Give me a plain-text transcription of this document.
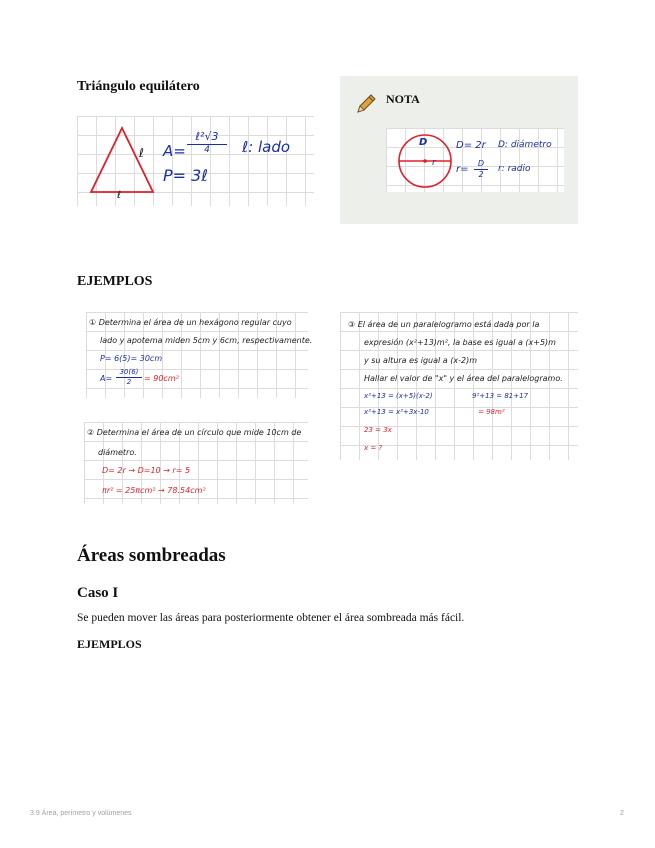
Triángulo equilátero
ℓ
ℓ
A=
ℓ²√3
4	ℓ: lado
P= 3ℓ
NOTA
D
r
D= 2r D: diámetro
$r= \frac{D}{2} r$: radio
EJEMPLOS
① Determina el área de un hexágono regular cuyo
lado y apotema miden 5cm y 6cm, respectivamente.
P= 6(5)= 30cm
$A= \frac{30(6)}{2} = 90cm^2$
② Determina el área de un círculo que mide 10cm de
diámetro.
D= 2r → D=10 → r= 5
πr² = 25πcm² → 78.54cm²
③ El área de un paralelogramo está dada por la
expresión (x²+13)m², la base es igual a (x+5)m
y su altura es igual a (x-2)m
Hallar el valor de "x" y el área del paralelogramo.
x²+13 = (x+5)(x-2)	9²+13 = 81+17
x²+13 = x²+3x-10	= 98m²
23 = 3x
x = ?
Áreas sombreadas
Caso I
Se pueden mover las áreas para posteriormente obtener el área sombreada más fácil.
EJEMPLOS
3.9 Área, perímetro y volúmenes	2
